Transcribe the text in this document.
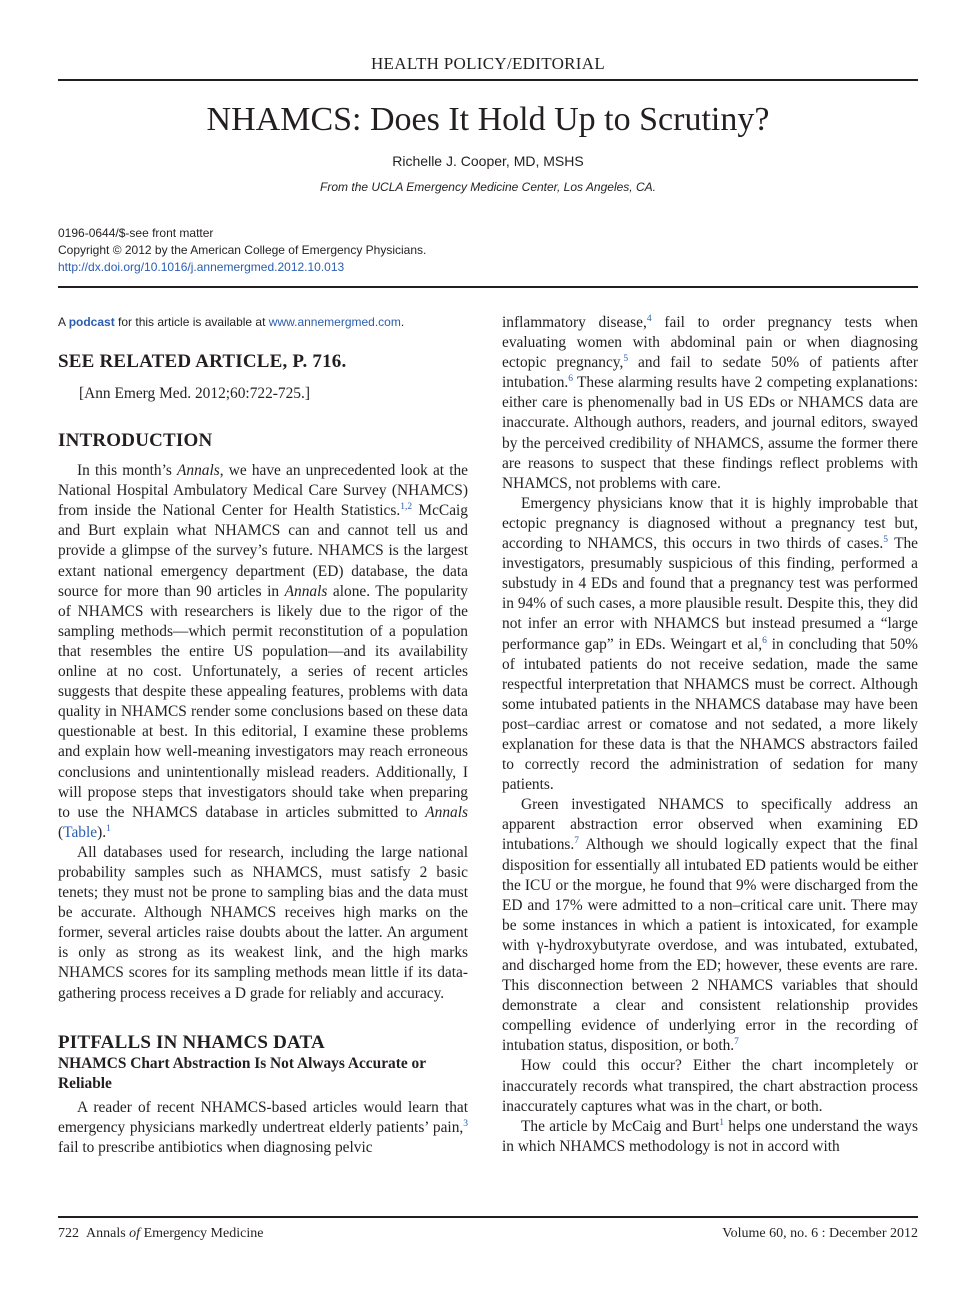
HEALTH POLICY/EDITORIAL
NHAMCS: Does It Hold Up to Scrutiny?
Richelle J. Cooper, MD, MSHS
From the UCLA Emergency Medicine Center, Los Angeles, CA.
0196-0644/$-see front matter
Copyright © 2012 by the American College of Emergency Physicians.
http://dx.doi.org/10.1016/j.annemergmed.2012.10.013
A podcast for this article is available at www.annemergmed.com.
SEE RELATED ARTICLE, P. 716.
[Ann Emerg Med. 2012;60:722-725.]
INTRODUCTION

In this month’s Annals, we have an unprecedented look at the National Hospital Ambulatory Medical Care Survey (NHAMCS) from inside the National Center for Health Statistics.$^{1,2}$ McCaig and Burt explain what NHAMCS can and cannot tell us and provide a glimpse of the survey’s future. NHAMCS is the largest extant national emergency department (ED) database, the data source for more than 90 articles in Annals alone. The popularity of NHAMCS with researchers is likely due to the rigor of the sampling methods—which permit reconstitution of a population that resembles the entire US population—and its availability online at no cost. Unfortunately, a series of recent articles suggests that despite these appealing features, problems with data quality in NHAMCS render some conclusions based on these data questionable at best. In this editorial, I examine these problems and explain how well-meaning investigators may reach erroneous conclusions and unintentionally mislead readers. Additionally, I will propose steps that investigators should take when preparing to use the NHAMCS database in articles submitted to Annals (Table).$^1$

All databases used for research, including the large national probability samples such as NHAMCS, must satisfy 2 basic tenets; they must not be prone to sampling bias and the data must be accurate. Although NHAMCS receives high marks on the former, several articles raise doubts about the latter. An argument is only as strong as its weakest link, and the high marks NHAMCS scores for its sampling methods mean little if its data-gathering process receives a D grade for reliably and accuracy.

PITFALLS IN NHAMCS DATA
NHAMCS Chart Abstraction Is Not Always Accurate or Reliable

A reader of recent NHAMCS-based articles would learn that emergency physicians markedly undertreat elderly patients’ pain,$^3$ fail to prescribe antibiotics when diagnosing pelvic

inflammatory disease,$^4$ fail to order pregnancy tests when evaluating women with abdominal pain or when diagnosing ectopic pregnancy,$^5$ and fail to sedate 50% of patients after intubation.$^6$ These alarming results have 2 competing explanations: either care is phenomenally bad in US EDs or NHAMCS data are inaccurate. Although authors, readers, and journal editors, swayed by the perceived credibility of NHAMCS, assume the former there are reasons to suspect that these findings reflect problems with NHAMCS, not problems with care.

Emergency physicians know that it is highly improbable that ectopic pregnancy is diagnosed without a pregnancy test but, according to NHAMCS, this occurs in two thirds of cases.$^5$ The investigators, presumably suspicious of this finding, performed a substudy in 4 EDs and found that a pregnancy test was performed in 94% of such cases, a more plausible result. Despite this, they did not infer an error with NHAMCS but instead presumed a “large performance gap” in EDs. Weingart et al,$^6$ in concluding that 50% of intubated patients do not receive sedation, made the same respectful interpretation that NHAMCS must be correct. Although some intubated patients in the NHAMCS database may have been post–cardiac arrest or comatose and not sedated, a more likely explanation for these data is that the NHAMCS abstractors failed to correctly record the administration of sedation for many patients.

Green investigated NHAMCS to specifically address an apparent abstraction error observed when examining ED intubations.$^7$ Although we should logically expect that the final disposition for essentially all intubated ED patients would be either the ICU or the morgue, he found that 9% were discharged from the ED and 17% were admitted to a non–critical care unit. There may be some instances in which a patient is intoxicated, for example with γ-hydroxybutyrate overdose, and was intubated, extubated, and discharged home from the ED; however, these events are rare. This disconnection between 2 NHAMCS variables that should demonstrate a clear and consistent relationship provides compelling evidence of underlying error in the recording of intubation status, disposition, or both.$^7$

How could this occur? Either the chart incompletely or inaccurately records what transpired, the chart abstraction process inaccurately captures what was in the chart, or both.

The article by McCaig and Burt$^1$ helps one understand the ways in which NHAMCS methodology is not in accord with

722 Annals of Emergency Medicine	Volume 60, no. 6 : December 2012
